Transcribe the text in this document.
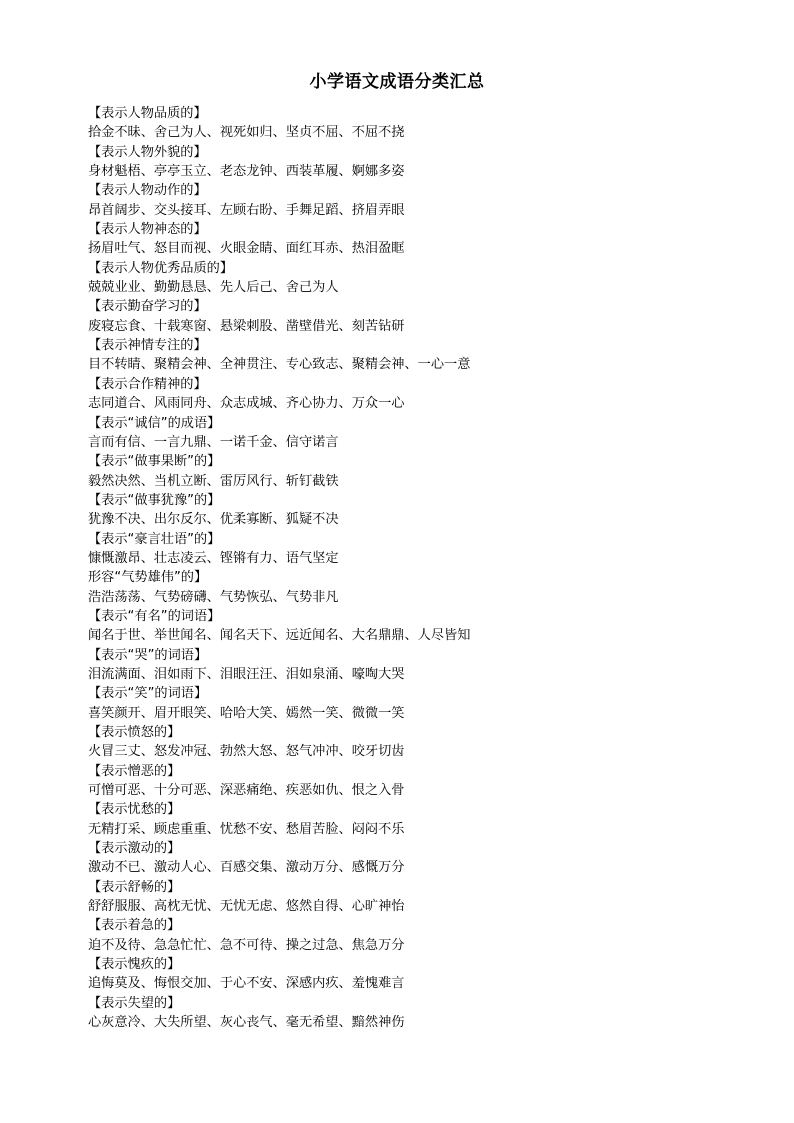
小学语文成语分类汇总
【表示人物品质的】
拾金不昧、舍己为人、视死如归、坚贞不屈、不屈不挠
【表示人物外貌的】
身材魁梧、亭亭玉立、老态龙钟、西装革履、婀娜多姿
【表示人物动作的】
昂首阔步、交头接耳、左顾右盼、手舞足蹈、挤眉弄眼
【表示人物神态的】
扬眉吐气、怒目而视、火眼金睛、面红耳赤、热泪盈眶
【表示人物优秀品质的】
兢兢业业、勤勤恳恳、先人后己、舍己为人
【表示勤奋学习的】
废寝忘食、十载寒窗、悬梁刺股、凿壁借光、刻苦钻研
【表示神情专注的】
目不转睛、聚精会神、全神贯注、专心致志、聚精会神、一心一意
【表示合作精神的】
志同道合、风雨同舟、众志成城、齐心协力、万众一心
【表示“诚信”的成语】
言而有信、一言九鼎、一诺千金、信守诺言
【表示“做事果断”的】
毅然决然、当机立断、雷厉风行、斩钉截铁
【表示“做事犹豫”的】
犹豫不决、出尔反尔、优柔寡断、狐疑不决
【表示“豪言壮语”的】
慷慨激昂、壮志凌云、铿锵有力、语气坚定
形容“气势雄伟”的】
浩浩荡荡、气势磅礴、气势恢弘、气势非凡
【表示“有名”的词语】
闻名于世、举世闻名、闻名天下、远近闻名、大名鼎鼎、人尽皆知
【表示“哭”的词语】
泪流满面、泪如雨下、泪眼汪汪、泪如泉涌、嚎啕大哭
【表示“笑”的词语】
喜笑颜开、眉开眼笑、哈哈大笑、嫣然一笑、微微一笑
【表示愤怒的】
火冒三丈、怒发冲冠、勃然大怒、怒气冲冲、咬牙切齿
【表示憎恶的】
可憎可恶、十分可恶、深恶痛绝、疾恶如仇、恨之入骨
【表示忧愁的】
无精打采、顾虑重重、忧愁不安、愁眉苦脸、闷闷不乐
【表示激动的】
激动不已、激动人心、百感交集、激动万分、感慨万分
【表示舒畅的】
舒舒服服、高枕无忧、无忧无虑、悠然自得、心旷神怡
【表示着急的】
迫不及待、急急忙忙、急不可待、操之过急、焦急万分
【表示愧疚的】
追悔莫及、悔恨交加、于心不安、深感内疚、羞愧难言
【表示失望的】
心灰意冷、大失所望、灰心丧气、毫无希望、黯然神伤
